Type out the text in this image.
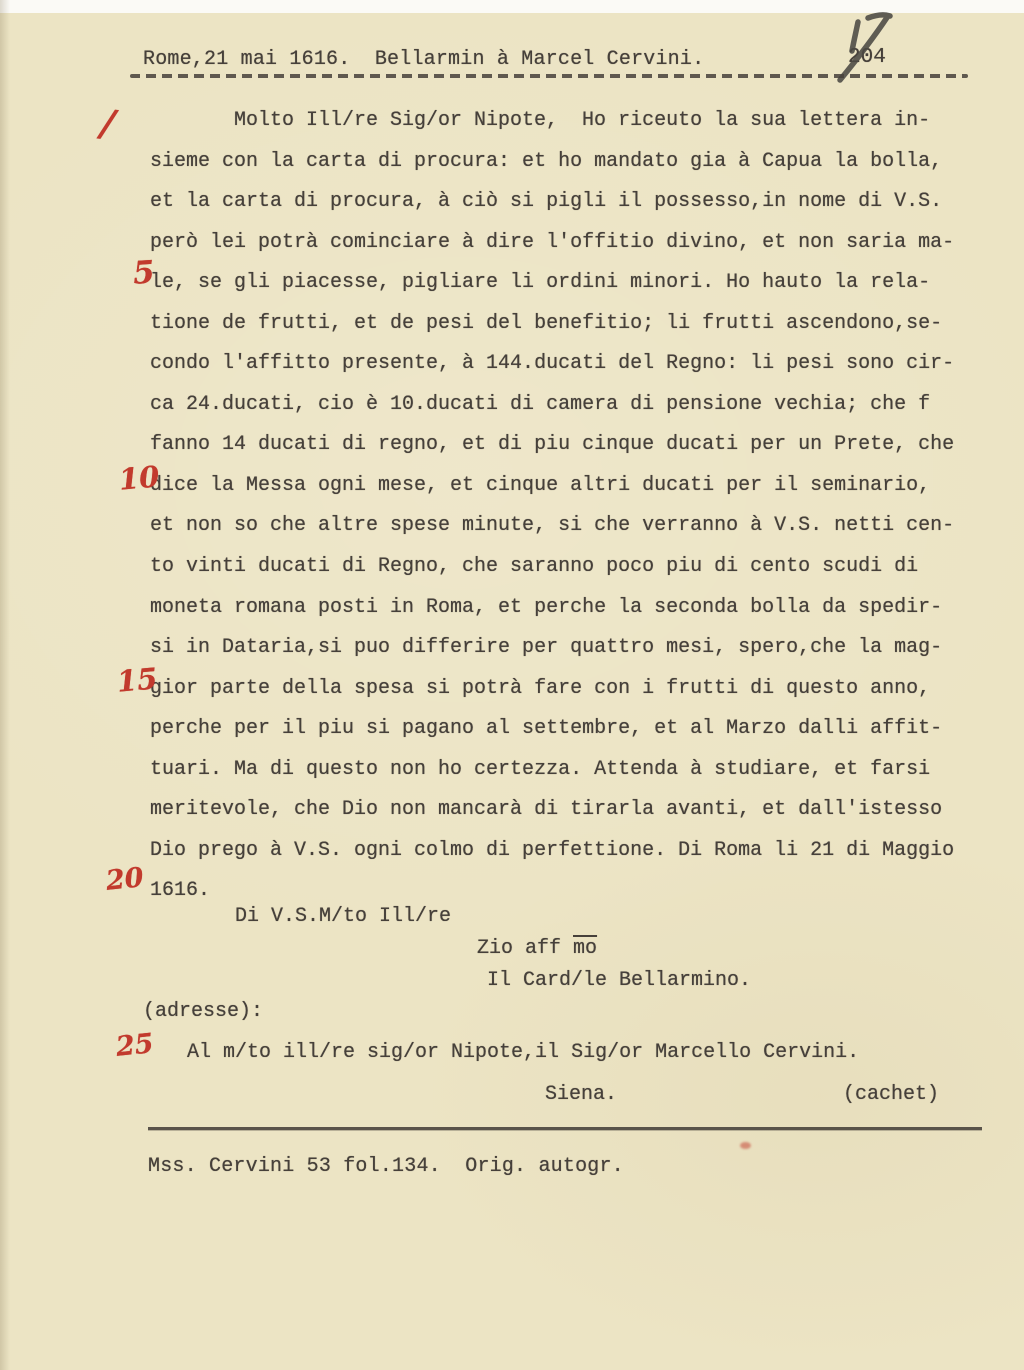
Rome,21 mai 1616.  Bellarmin à Marcel Cervini.	204
Molto Ill/re Sig/or Nipote,  Ho riceuto la sua lettera in-
sieme con la carta di procura: et ho mandato gia à Capua la bolla,
et la carta di procura, à ciò si pigli il possesso,in nome di V.S.
però lei potrà cominciare à dire l'offitio divino, et non saria ma-
le, se gli piacesse, pigliare li ordini minori. Ho hauto la rela-
tione de frutti, et de pesi del benefitio; li frutti ascendono,se-
condo l'affitto presente, à 144.ducati del Regno: li pesi sono cir-
ca 24.ducati, cio è 10.ducati di camera di pensione vechia; che f
fanno 14 ducati di regno, et di piu cinque ducati per un Prete, che
dice la Messa ogni mese, et cinque altri ducati per il seminario,
et non so che altre spese minute, si che verranno à V.S. netti cen-
to vinti ducati di Regno, che saranno poco piu di cento scudi di
moneta romana posti in Roma, et perche la seconda bolla da spedir-
si in Dataria,si puo differire per quattro mesi, spero,che la mag-
gior parte della spesa si potrà fare con i frutti di questo anno,
perche per il piu si pagano al settembre, et al Marzo dalli affit-
tuari. Ma di questo non ho certezza. Attenda à studiare, et farsi
meritevole, che Dio non mancarà di tirarla avanti, et dall'istesso
Dio prego à V.S. ogni colmo di perfettione. Di Roma li 21 di Maggio
1616.
/
5
10
15
20
25
Di V.S.M/to Ill/re
Zio aff $\overline{mo}$
Il Card/le Bellarmino.
(adresse):
Al m/to ill/re sig/or Nipote,il Sig/or Marcello Cervini.
Siena.	(cachet)
Mss. Cervini 53 fol.134.  Orig. autogr.
